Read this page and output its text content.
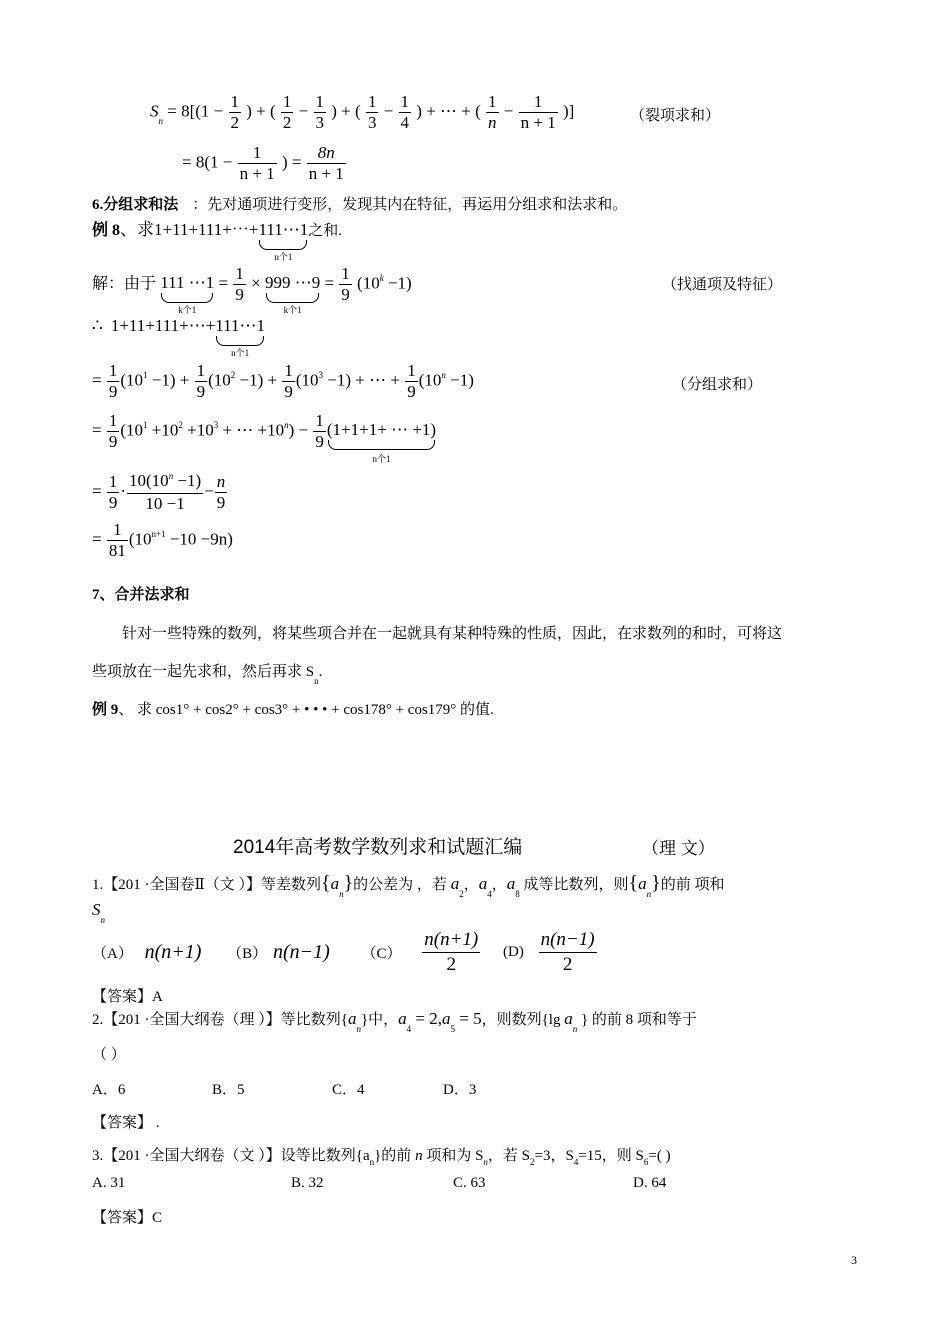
$S_n = 8[(1 - \frac{1}{2}$ ) + ( $\frac{1}{2} - \frac{1}{3}$ ) + ( $\frac{1}{3} - \frac{1}{4}$ ) + ⋯ + ( $\frac{1}{n} - \frac{1}{n + 1}$ )]	（裂项求和）
= $8(1 - \frac{1}{n + 1}$ ) = $\frac{8n}{n + 1}$
6.分组求和法 ：先对通项进行变形，发现其内在特征，再运用分组求和法求和。
例 8、求1+11+111+⋯+111⋯1
n个1
之和.
解：由于 111 ⋯1
k个1
= $\frac{1}{9} \times 999$ ⋯9
k个1
= $\frac{1}{9} (10^k -1)$	（找通项及特征）
∴ 1+11+111+⋯+111⋯1
n个1
= $\frac{1}{9} (10^1 -1) + \frac{1}{9} (10^2 -1) + \frac{1}{9} (10^3 -1)$ + ⋯ + $\frac{1}{9} (10^n -1)$	（分组求和）
= $\frac{1}{9} (10^1 +10^2 +10^3$ + ⋯ $+10^n) - \frac{1}{9} (1+1+1+$ ⋯ +1)
n个1
= $\frac{1}{9} \cdot \frac{10(10^n -1)}{10 -1} - \frac{n}{9}$
= $\frac{1}{81} (10^{n+1} -10 -9n)$
7、合并法求和
针对一些特殊的数列，将某些项合并在一起就具有某种特殊的性质，因此，在求数列的和时，可将这
些项放在一起先求和，然后再求 $S_n$.
例 9、 求 cos1° + cos2° + cos3° + • • • + cos178° + cos179° 的值.
2014年高考数学数列求和试题汇编	（理 文）
1.【201 ·全国卷Ⅱ（文 ）】等差数列$\{a_n\}$的公差为 ，若 $a_2$，$a_4$，$a_8$ 成等比数列，则$\{a_n\}$的前 项和
$S_n$
（A） n(n+1) （B） n(n−1) $(C) \frac{n(n+1)}{2} (D) \frac{n(n-1)}{2}$
【答案】A
2.【201 ·全国大纲卷（理 ）】等比数列$\{a_n\}$中，$a_4 = 2,a_5 = 5$，则数列{lg $a_n$ } 的前 8 项和等于
（ ）
A．6	B．5	C．4	D．3
【答案】 .
3.【201 ·全国大纲卷（文 ）】设等比数列$\{a_n\}$的前 n 项和为 $S_n$，若 $S_2=3$，$S_4=15$，则 $S_6=$( )
A. 31	B. 32	C. 63	D. 64
【答案】C
3
